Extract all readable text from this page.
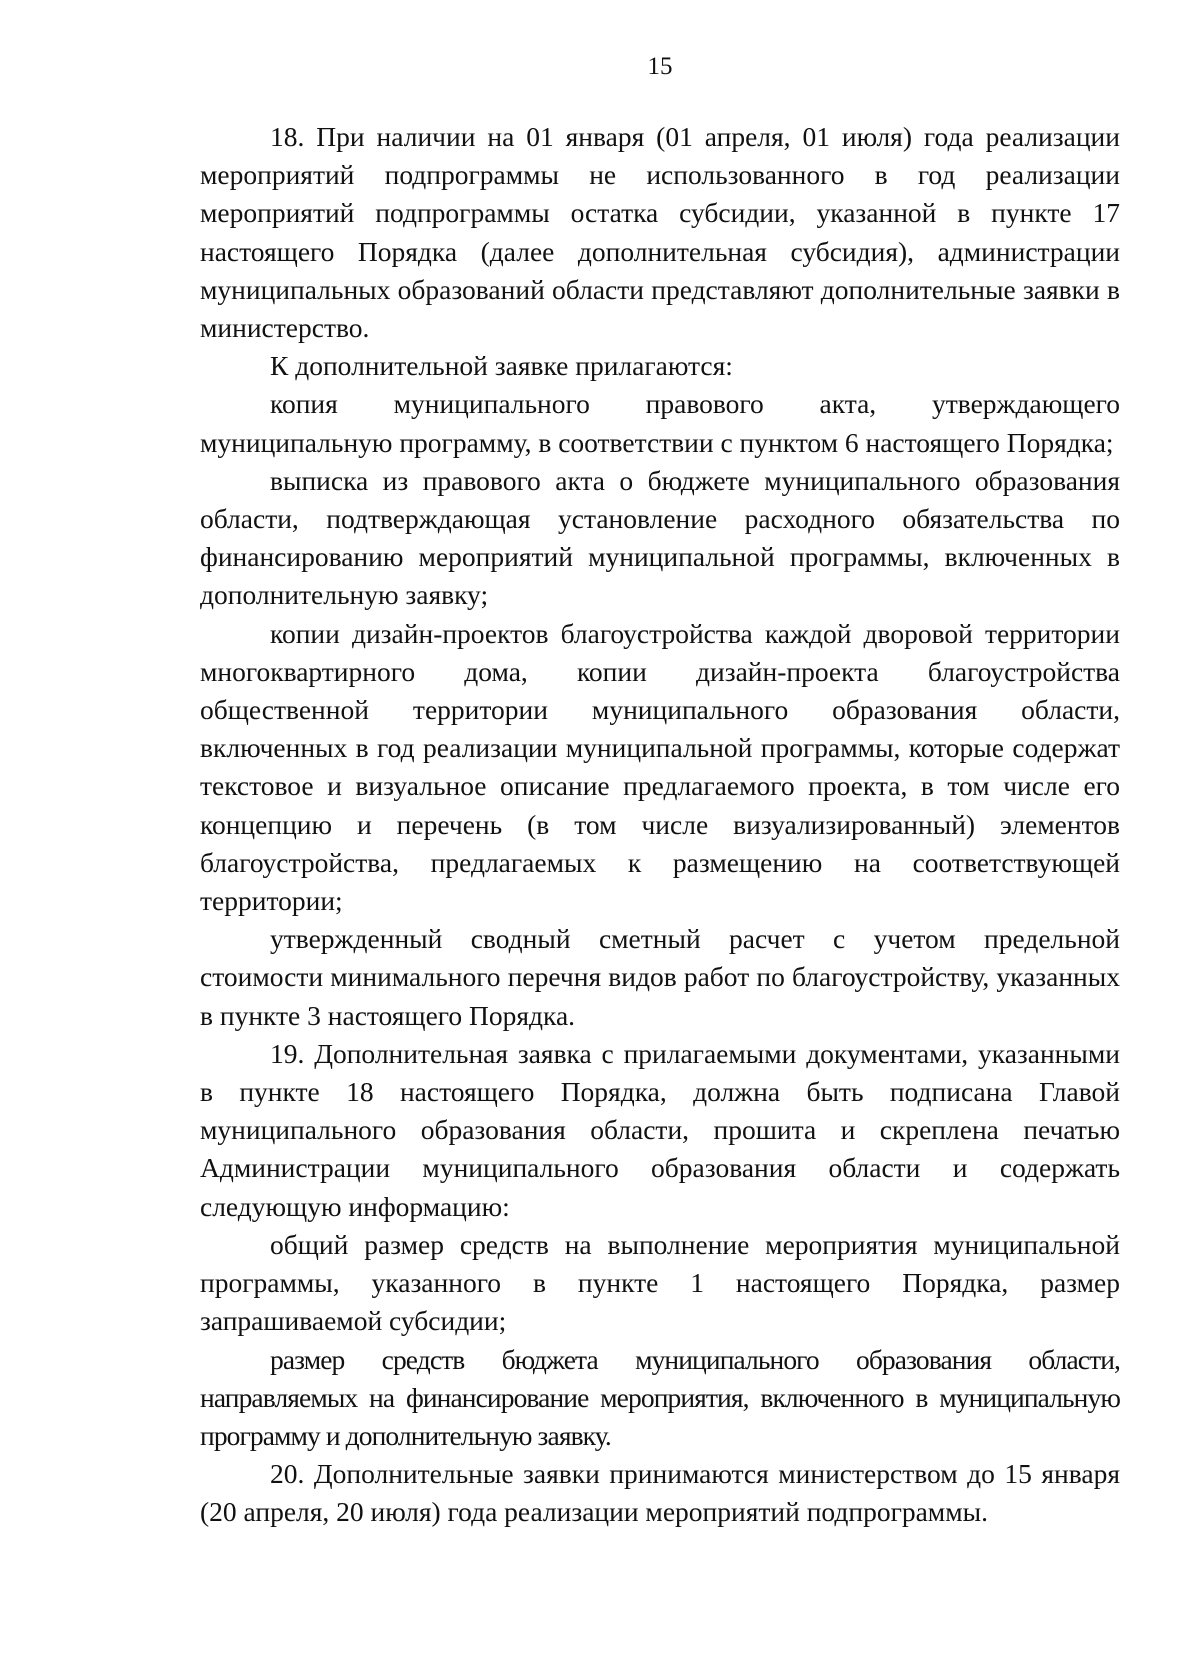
15

18. При наличии на 01 января (01 апреля, 01 июля) года реализации мероприятий подпрограммы не использованного в год реализации мероприятий подпрограммы остатка субсидии, указанной в пункте 17 настоящего Порядка (далее дополнительная субсидия), администрации муниципальных образований области представляют дополнительные заявки в министерство.

К дополнительной заявке прилагаются:

копия муниципального правового акта, утверждающего муниципальную программу, в соответствии с пунктом 6 настоящего Порядка;

выписка из правового акта о бюджете муниципального образования области, подтверждающая установление расходного обязательства по финансированию мероприятий муниципальной программы, включенных в дополнительную заявку;

копии дизайн-проектов благоустройства каждой дворовой территории многоквартирного дома, копии дизайн-проекта благоустройства общественной территории муниципального образования области, включенных в год реализации муниципальной программы, которые содержат текстовое и визуальное описание предлагаемого проекта, в том числе его концепцию и перечень (в том числе визуализированный) элементов благоустройства, предлагаемых к размещению на соответствующей территории;

утвержденный сводный сметный расчет с учетом предельной стоимости минимального перечня видов работ по благоустройству, указанных в пункте 3 настоящего Порядка.

19. Дополнительная заявка с прилагаемыми документами, указанными в пункте 18 настоящего Порядка, должна быть подписана Главой муниципального образования области, прошита и скреплена печатью Администрации муниципального образования области и содержать следующую информацию:

общий размер средств на выполнение мероприятия муниципальной программы, указанного в пункте 1 настоящего Порядка, размер запрашиваемой субсидии;

размер средств бюджета муниципального образования области, направляемых на финансирование мероприятия, включенного в муниципальную программу и дополнительную заявку.

20. Дополнительные заявки принимаются министерством до 15 января (20 апреля, 20 июля) года реализации мероприятий подпрограммы.
